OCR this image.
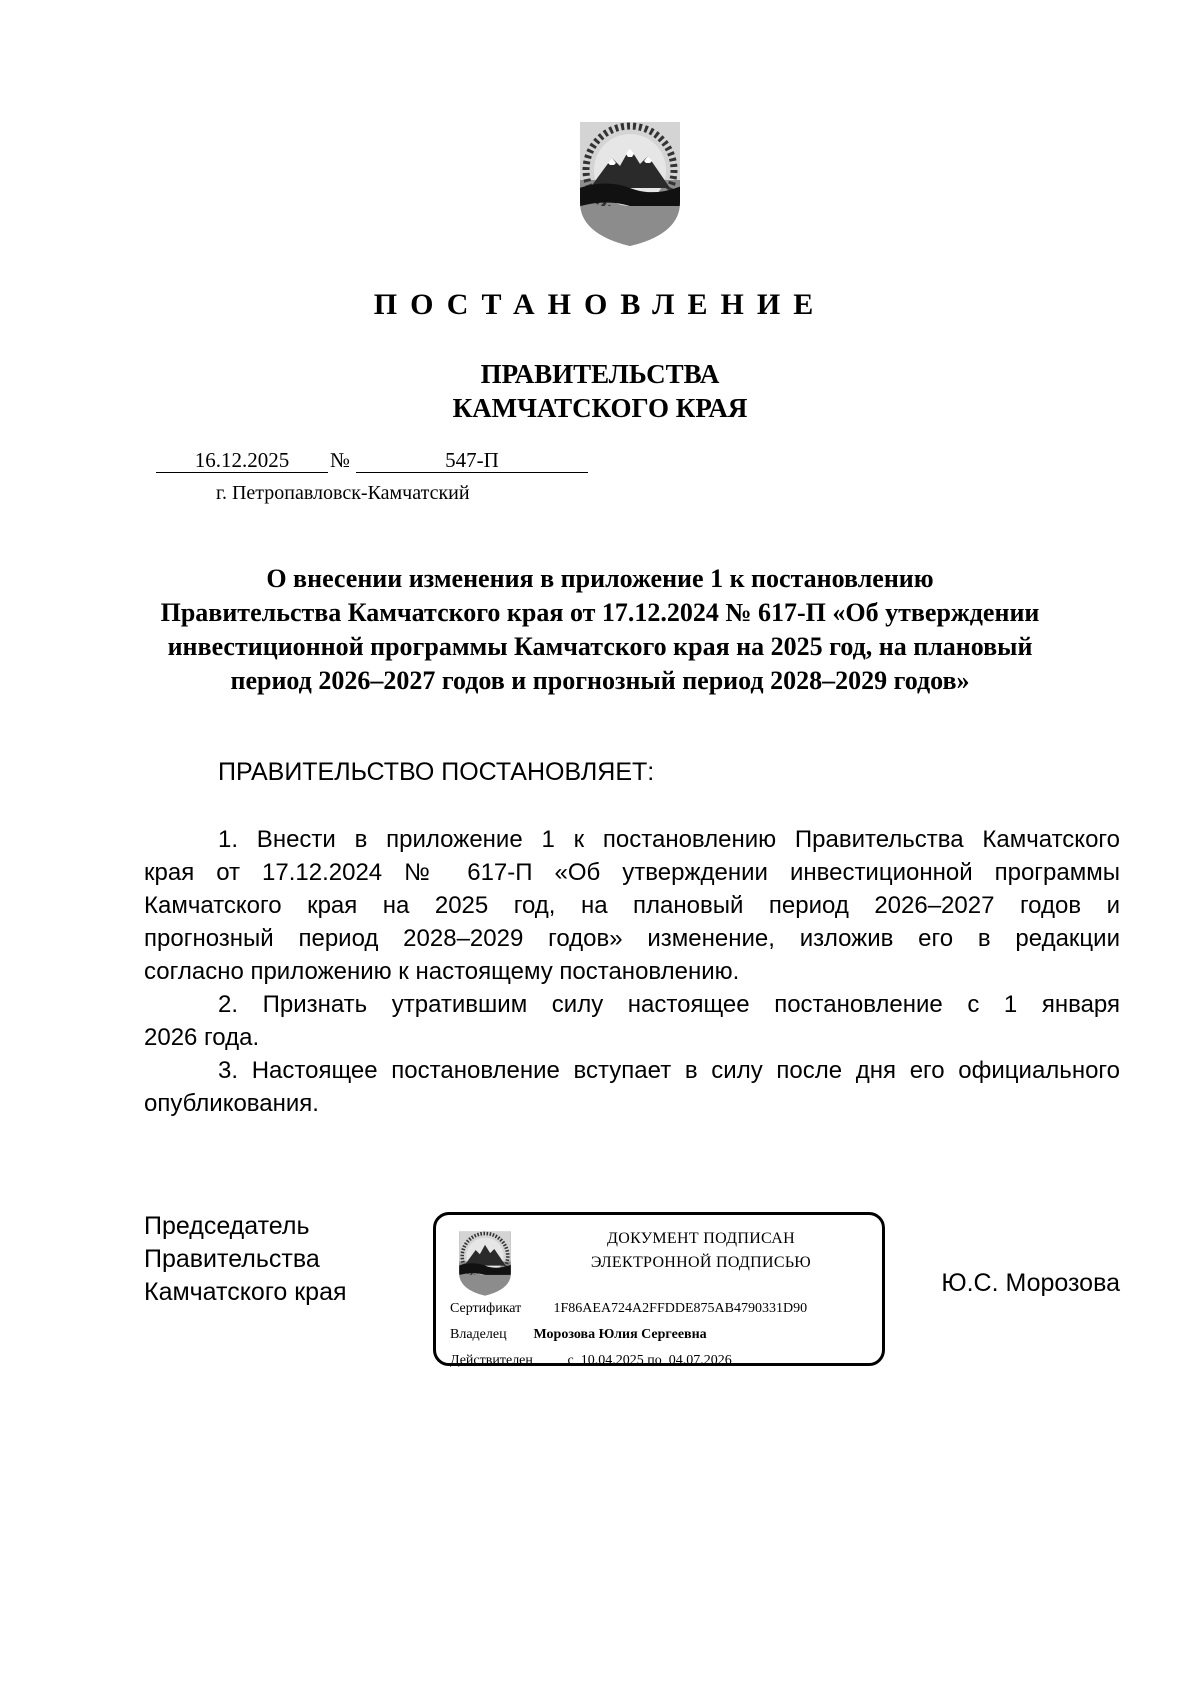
ПОСТАНОВЛЕНИЕ
ПРАВИТЕЛЬСТВА
КАМЧАТСКОГО КРАЯ
16.12.2025	№	547-П
г. Петропавловск-Камчатский
О внесении изменения в приложение 1 к постановлению
Правительства Камчатского края от 17.12.2024 № 617-П «Об утверждении
инвестиционной программы Камчатского края на 2025 год, на плановый
период 2026–2027 годов и прогнозный период 2028–2029 годов»
ПРАВИТЕЛЬСТВО ПОСТАНОВЛЯЕТ:
1. Внести в приложение 1 к постановлению Правительства Камчатского
края от 17.12.2024 № 617-П «Об утверждении инвестиционной программы
Камчатского края на 2025 год, на плановый период 2026–2027 годов и
прогнозный период 2028–2029 годов» изменение, изложив его в редакции
согласно приложению к настоящему постановлению.
2. Признать утратившим силу настоящее постановление с 1 января
2026 года.
3. Настоящее постановление вступает в силу после дня его официального
опубликования.
Председатель
Правительства
Камчатского края
ДОКУМЕНТ ПОДПИСАН
ЭЛЕКТРОННОЙ ПОДПИСЬЮ
Сертификат 1F86AEA724A2FFDDE875AB4790331D90
Владелец Морозова Юлия Сергеевна
Действителен с  10.04.2025 по  04.07.2026
Ю.С. Морозова
